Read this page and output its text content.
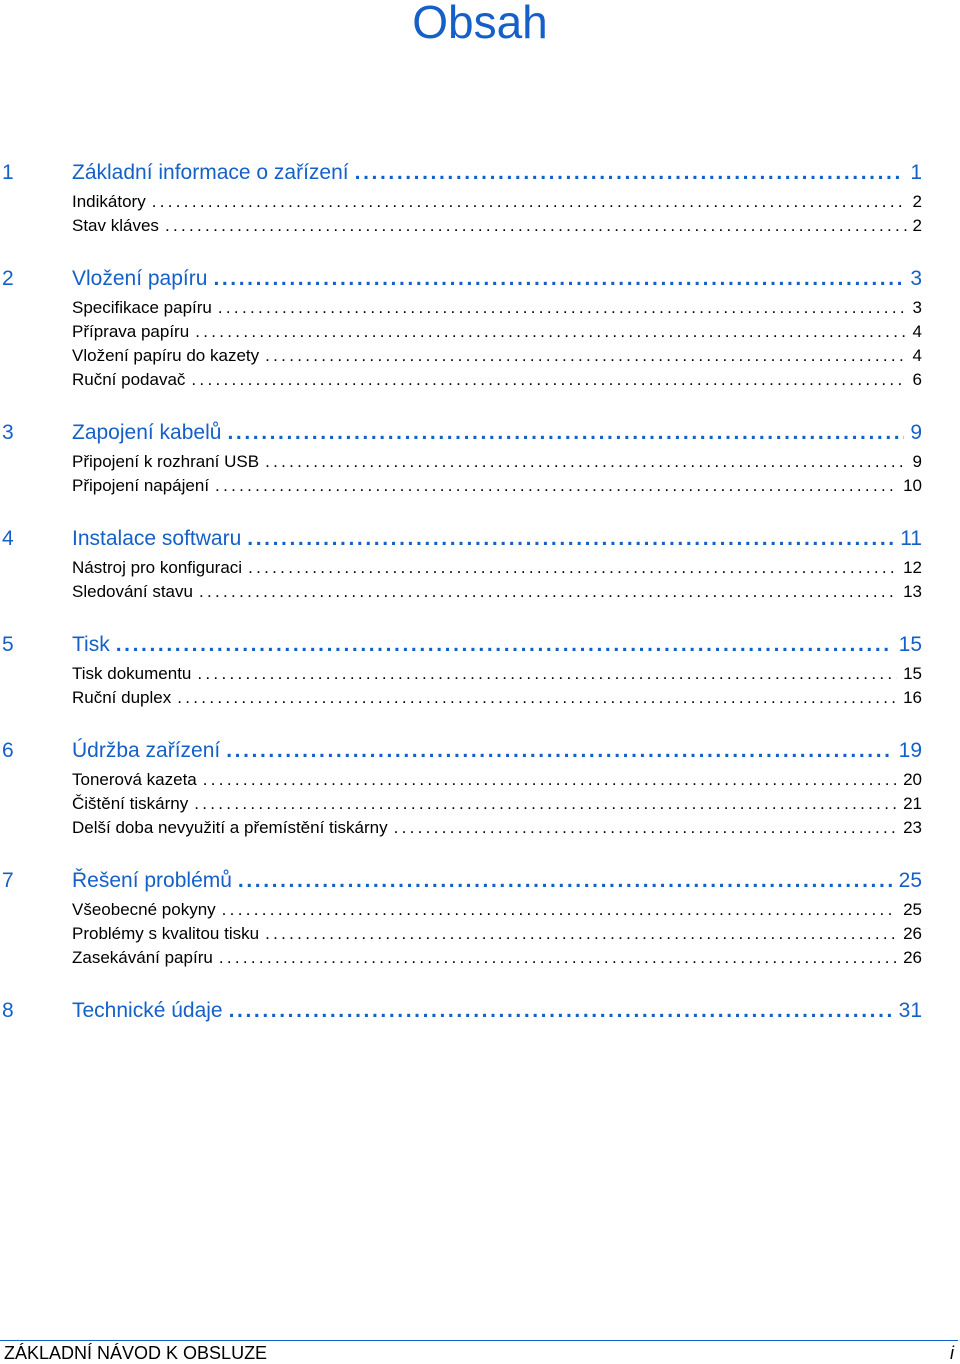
Obsah
1	Základní informace o zařízení .....	1
Indikátory .....	2
Stav kláves .....	2
2	Vložení papíru .....	3
Specifikace papíru .....	3
Příprava papíru .....	4
Vložení papíru do kazety .....	4
Ruční podavač .....	6
3	Zapojení kabelů .....	9
Připojení k rozhraní USB .....	9
Připojení napájení .....	10
4	Instalace softwaru .....	11
Nástroj pro konfiguraci .....	12
Sledování stavu .....	13
5	Tisk .....	15
Tisk dokumentu .....	15
Ruční duplex .....	16
6	Údržba zařízení .....	19
Tonerová kazeta .....	20
Čištění tiskárny .....	21
Delší doba nevyužití a přemístění tiskárny .....	23
7	Řešení problémů .....	25
Všeobecné pokyny .....	25
Problémy s kvalitou tisku .....	26
Zasekávání papíru .....	26
8	Technické údaje .....	31
ZÁKLADNÍ NÁVOD K OBSLUZE	i
